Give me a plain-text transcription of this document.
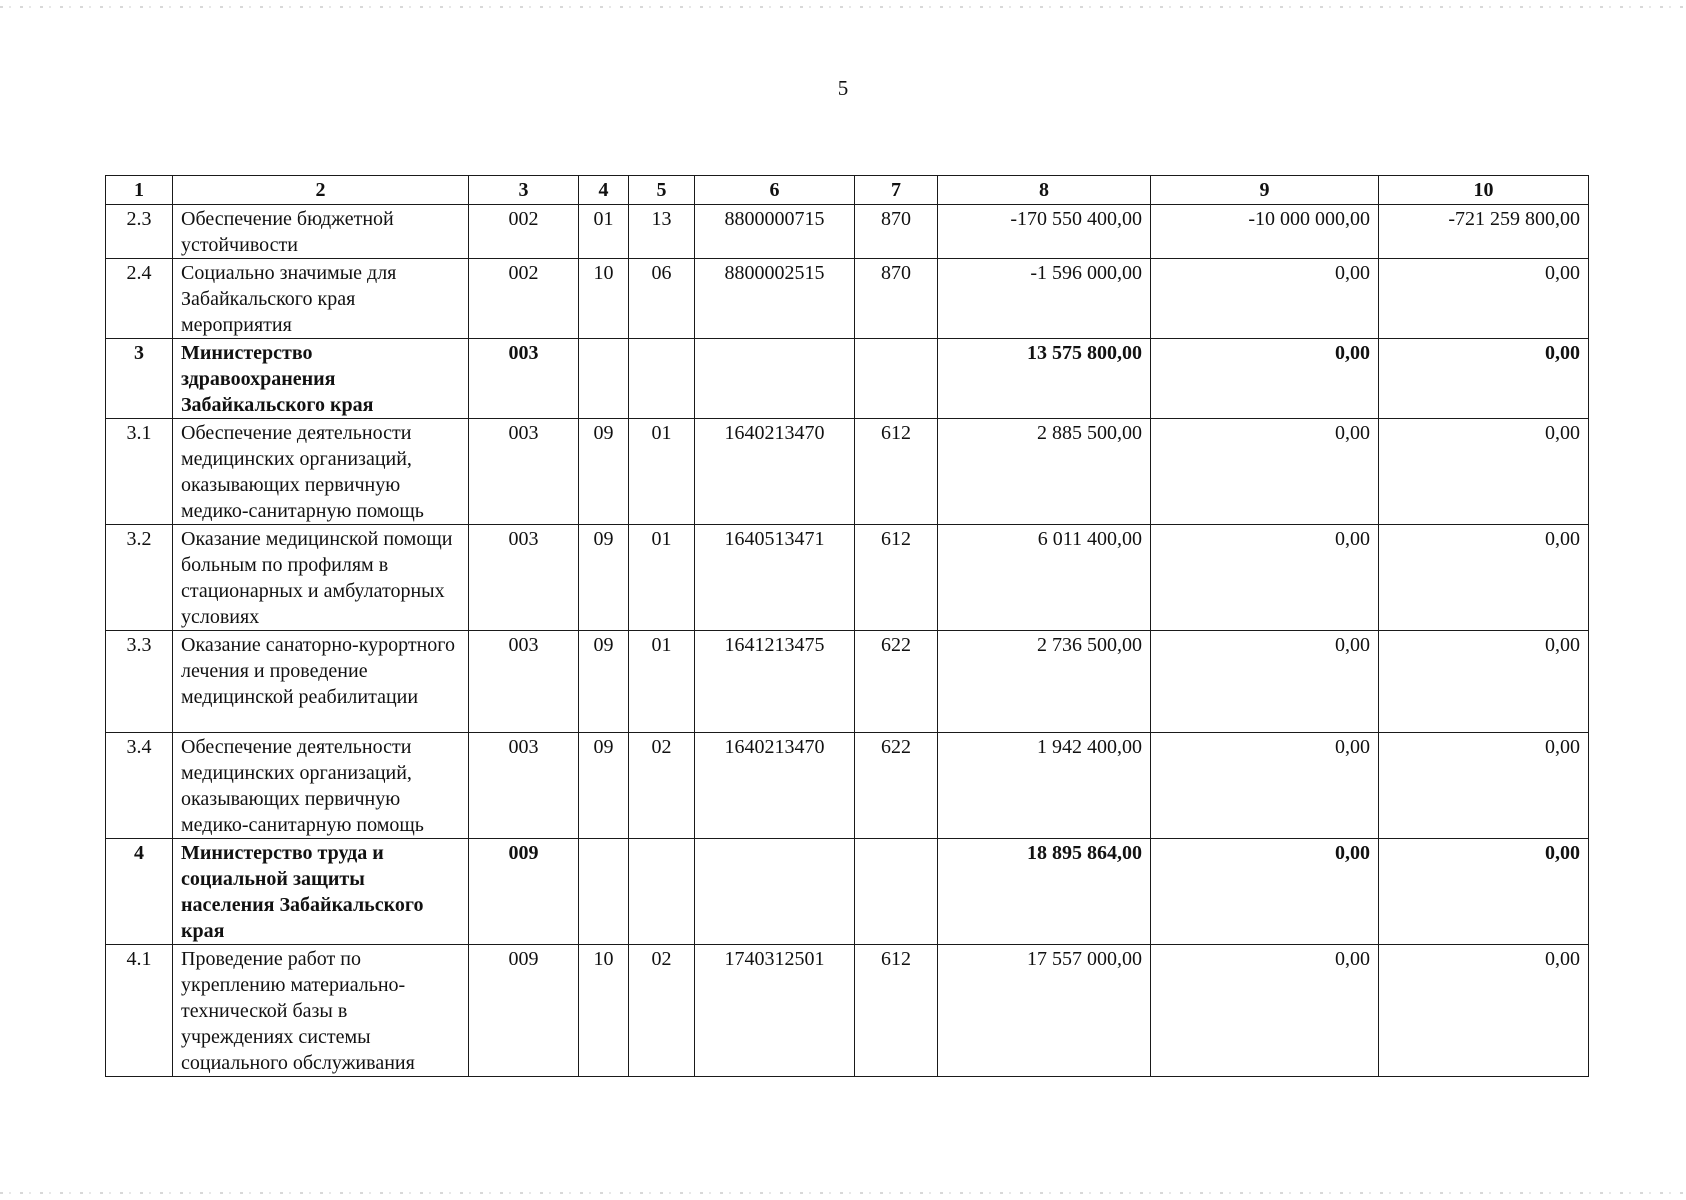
5
1	2	3	4	5	6	7	8	9	10
2.3	Обеспечение бюджетной устойчивости	002	01	13	8800000715	870	-170 550 400,00	-10 000 000,00	-721 259 800,00
2.4	Социально значимые для Забайкальского края мероприятия	002	10	06	8800002515	870	-1 596 000,00	0,00	0,00
3	Министерство здравоохранения Забайкальского края	003					13 575 800,00	0,00	0,00
3.1	Обеспечение деятельности медицинских организаций, оказывающих первичную медико-санитарную помощь	003	09	01	1640213470	612	2 885 500,00	0,00	0,00
3.2	Оказание медицинской помощи больным по профилям в стационарных и амбулаторных условиях	003	09	01	1640513471	612	6 011 400,00	0,00	0,00
3.3	Оказание санаторно-курортного лечения и проведение медицинской реабилитации	003	09	01	1641213475	622	2 736 500,00	0,00	0,00
3.4	Обеспечение деятельности медицинских организаций, оказывающих первичную медико-санитарную помощь	003	09	02	1640213470	622	1 942 400,00	0,00	0,00
4	Министерство труда и социальной защиты населения Забайкальского края	009					18 895 864,00	0,00	0,00
4.1	Проведение работ по укреплению материально-технической базы в учреждениях системы социального обслуживания	009	10	02	1740312501	612	17 557 000,00	0,00	0,00
